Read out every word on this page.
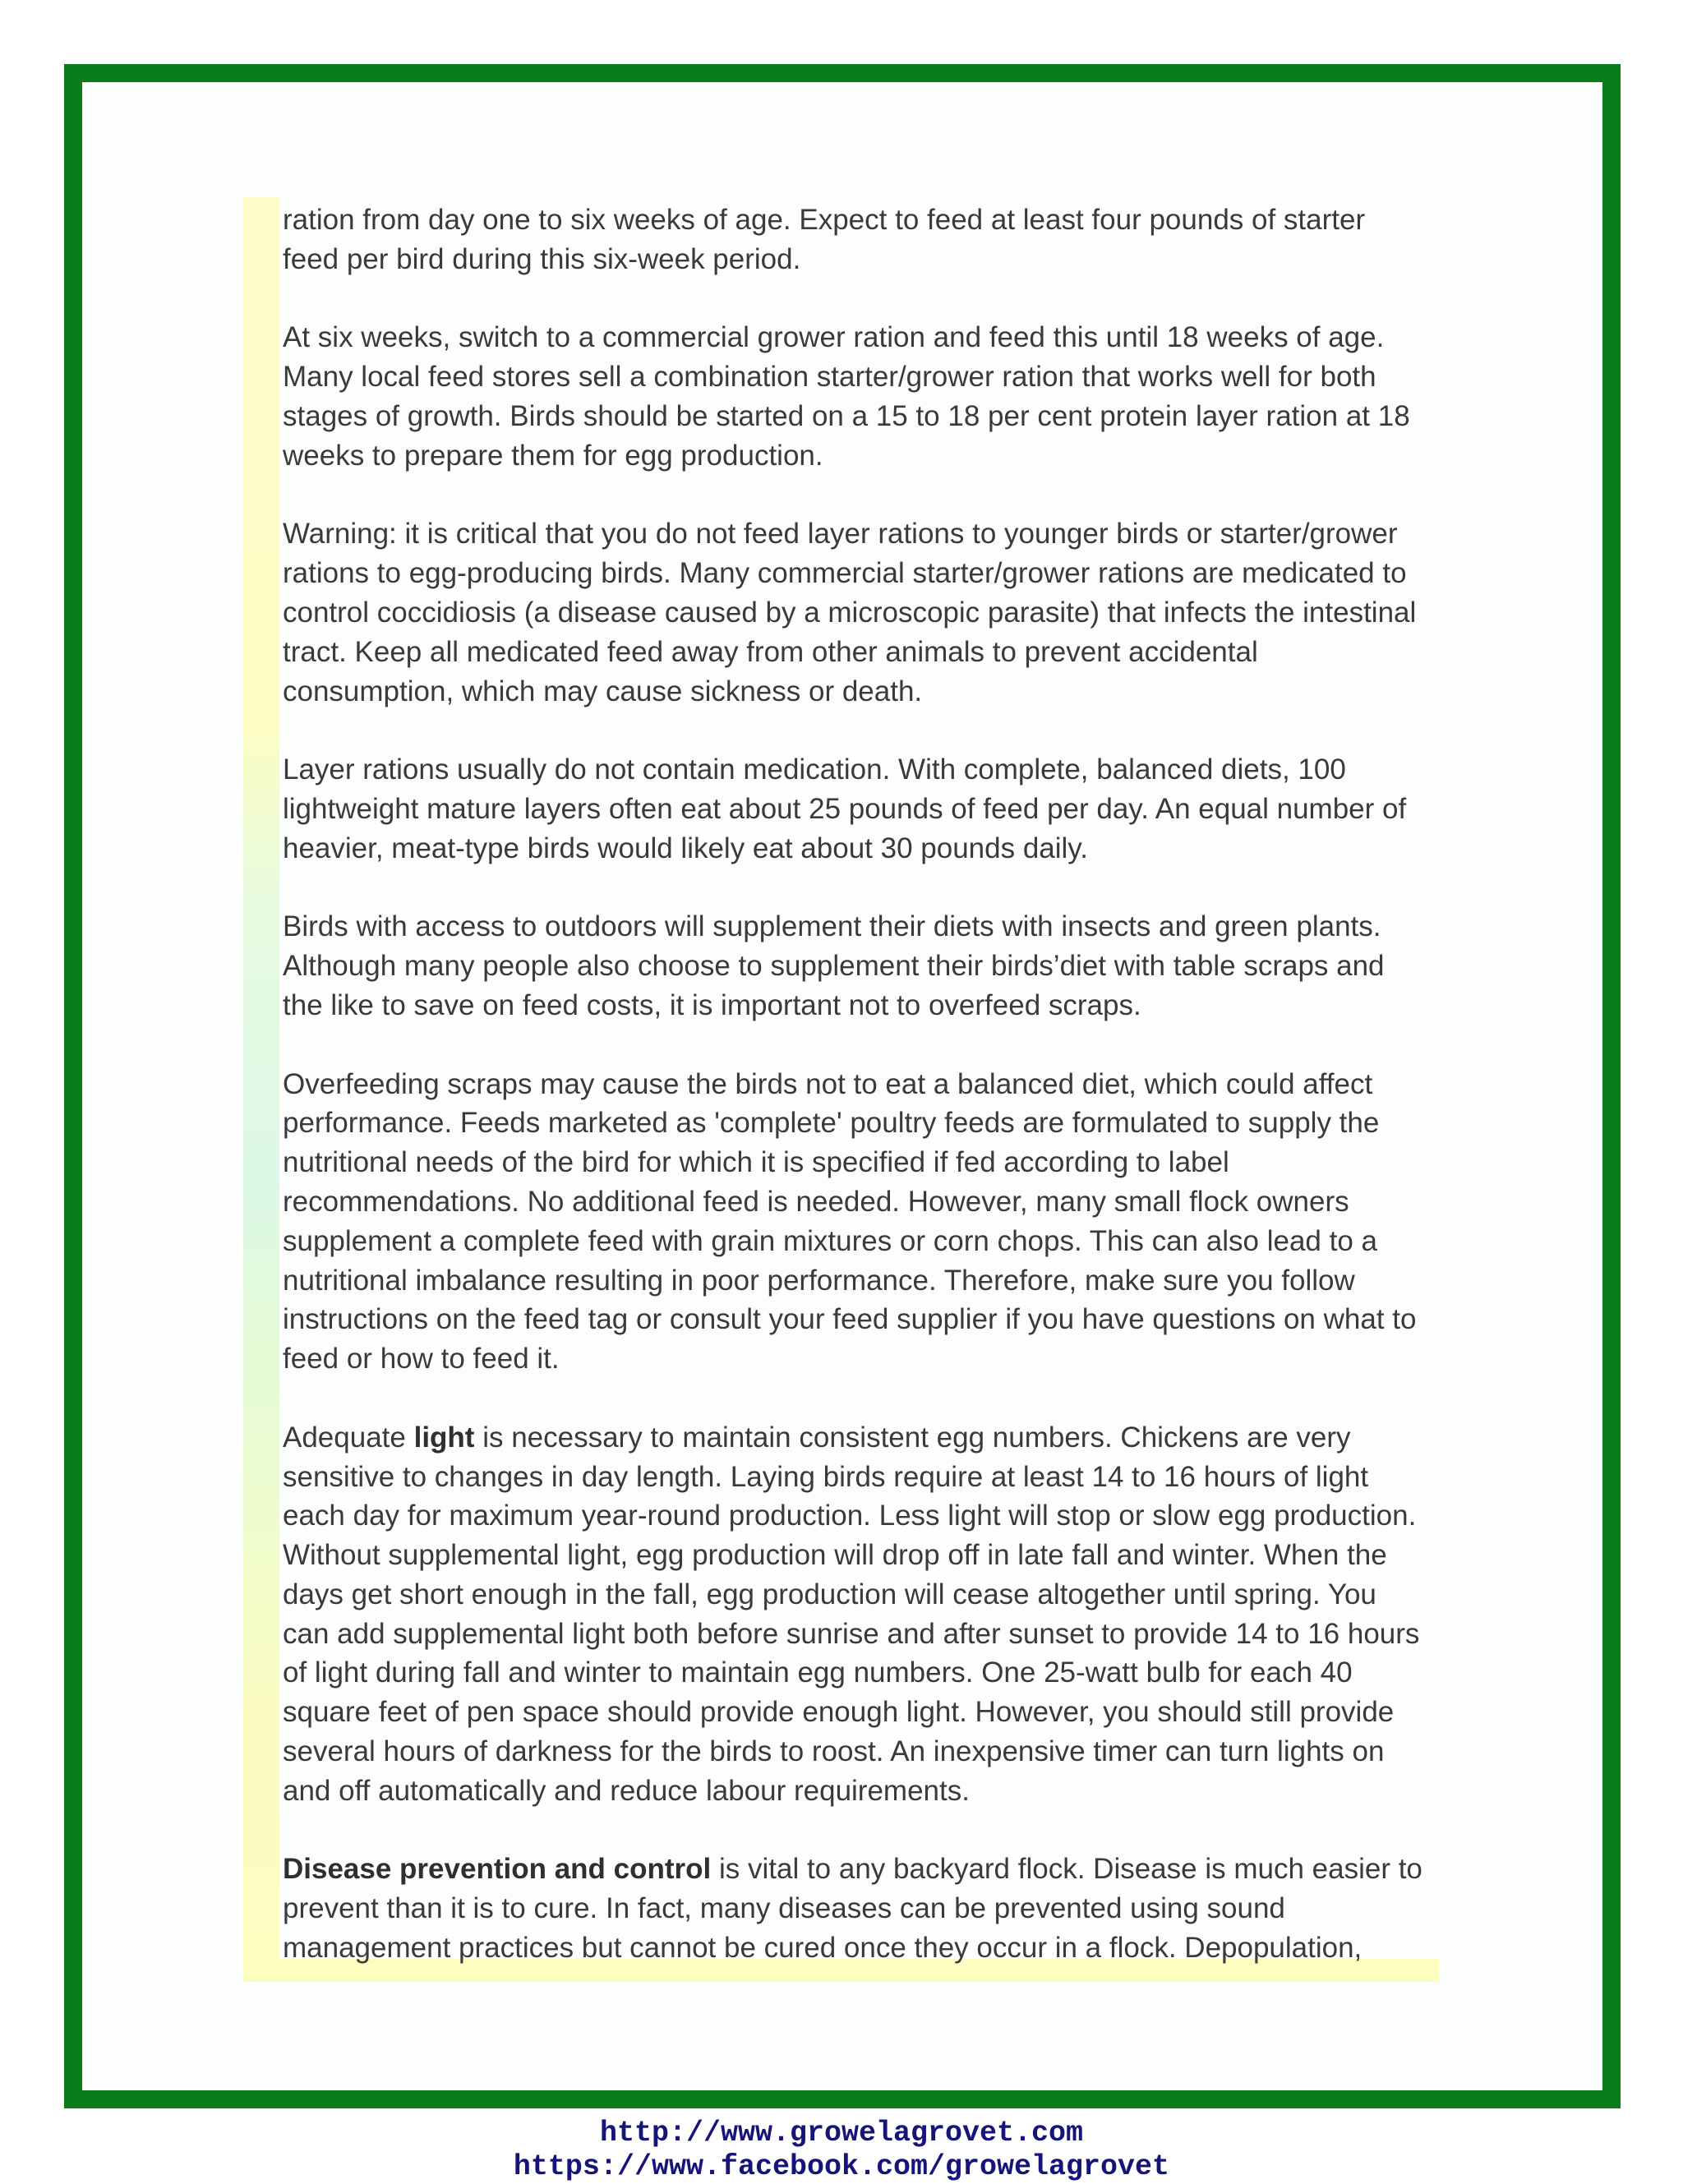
ration from day one to six weeks of age. Expect to feed at least four pounds of starter
feed per bird during this six-week period.

At six weeks, switch to a commercial grower ration and feed this until 18 weeks of age.
Many local feed stores sell a combination starter/grower ration that works well for both
stages of growth. Birds should be started on a 15 to 18 per cent protein layer ration at 18
weeks to prepare them for egg production.

Warning: it is critical that you do not feed layer rations to younger birds or starter/grower
rations to egg-producing birds. Many commercial starter/grower rations are medicated to
control coccidiosis (a disease caused by a microscopic parasite) that infects the intestinal
tract. Keep all medicated feed away from other animals to prevent accidental
consumption, which may cause sickness or death.

Layer rations usually do not contain medication. With complete, balanced diets, 100
lightweight mature layers often eat about 25 pounds of feed per day. An equal number of
heavier, meat-type birds would likely eat about 30 pounds daily.

Birds with access to outdoors will supplement their diets with insects and green plants.
Although many people also choose to supplement their birds’diet with table scraps and
the like to save on feed costs, it is important not to overfeed scraps.

Overfeeding scraps may cause the birds not to eat a balanced diet, which could affect
performance. Feeds marketed as 'complete' poultry feeds are formulated to supply the
nutritional needs of the bird for which it is specified if fed according to label
recommendations. No additional feed is needed. However, many small flock owners
supplement a complete feed with grain mixtures or corn chops. This can also lead to a
nutritional imbalance resulting in poor performance. Therefore, make sure you follow
instructions on the feed tag or consult your feed supplier if you have questions on what to
feed or how to feed it.

Adequate light is necessary to maintain consistent egg numbers. Chickens are very
sensitive to changes in day length. Laying birds require at least 14 to 16 hours of light
each day for maximum year-round production. Less light will stop or slow egg production.
Without supplemental light, egg production will drop off in late fall and winter. When the
days get short enough in the fall, egg production will cease altogether until spring. You
can add supplemental light both before sunrise and after sunset to provide 14 to 16 hours
of light during fall and winter to maintain egg numbers. One 25-watt bulb for each 40
square feet of pen space should provide enough light. However, you should still provide
several hours of darkness for the birds to roost. An inexpensive timer can turn lights on
and off automatically and reduce labour requirements.

Disease prevention and control is vital to any backyard flock. Disease is much easier to
prevent than it is to cure. In fact, many diseases can be prevented using sound
management practices but cannot be cured once they occur in a flock. Depopulation,

http://www.growelagrovet.com
https://www.facebook.com/growelagrovet
